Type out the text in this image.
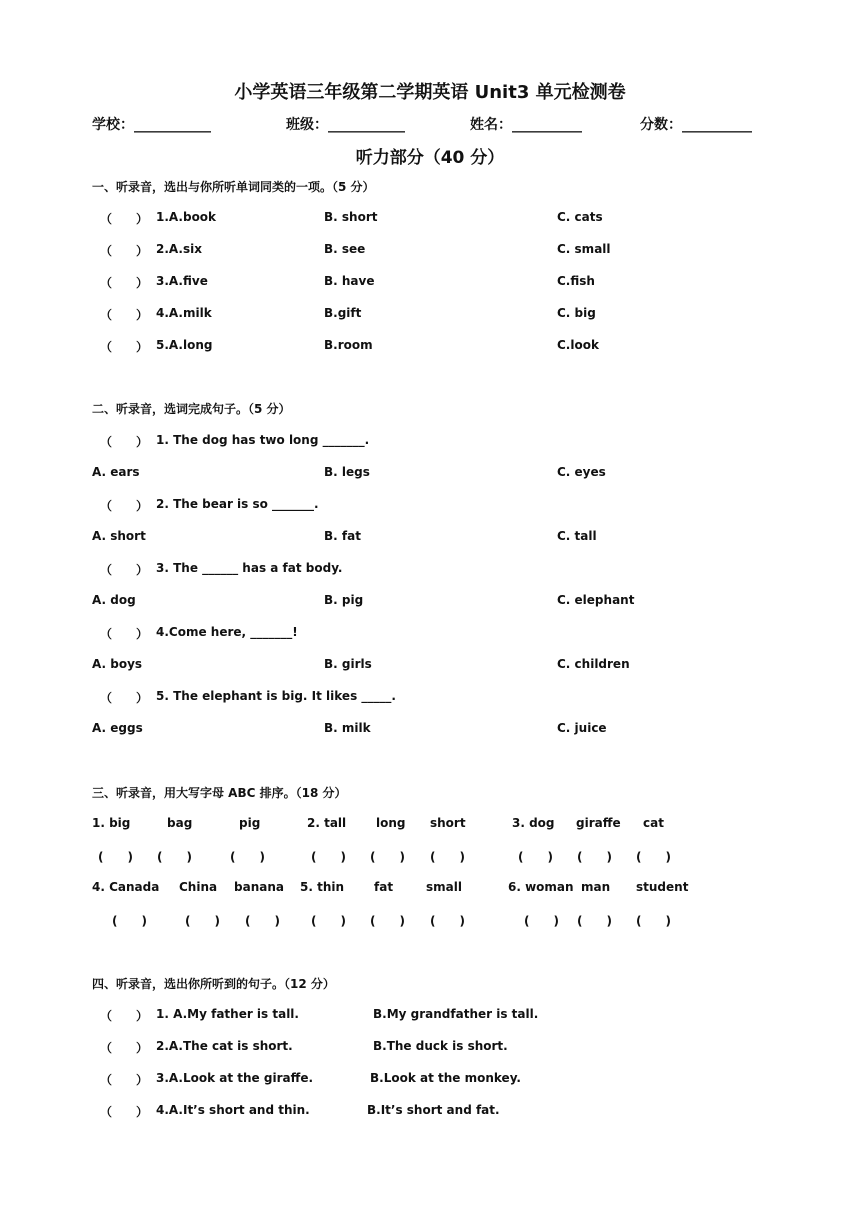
小学英语三年级第二学期英语 Unit3 单元检测卷
学校：___________	班级：___________	姓名：__________	分数：__________
听力部分（40 分）
一、听录音，选出与你所听单词同类的一项。（5 分）
（　　） 1.A.book	B. short	C. cats
（　　） 2.A.six	B. see	C. small
（　　） 3.A.five	B. have	C.fish
（　　） 4.A.milk	B.gift	C. big
（　　） 5.A.long	B.room	C.look
二、听录音，选词完成句子。（5 分）
（　　） 1. The dog has two long _______.
A. ears	B. legs	C. eyes
（　　） 2. The bear is so _______.
A. short	B. fat	C. tall
（　　） 3. The ______ has a fat body.
A. dog	B. pig	C. elephant
（　　） 4.Come here, _______!
A. boys	B. girls	C. children
（　　） 5. The elephant is big. It likes _____.
A. eggs	B. milk	C. juice
三、听录音，用大写字母 ABC 排序。（18 分）
1. big	bag	pig	2. tall long short	3. dog giraffe cat
(　　) (　　)	(　　)	(　　) (　　) (　　)	(　　) (　　) (　　)
4. Canada China banana 5. thin fat	small	6. woman man student
(　　)	(　　) (　　)	(　　) (　　) (　　)	(　　) (　　) (　　)
四、听录音，选出你所听到的句子。（12 分）
（　　） 1. A.My father is tall.	B.My grandfather is tall.
（　　） 2.A.The cat is short.	B.The duck is short.
（　　） 3.A.Look at the giraffe.	B.Look at the monkey.
（　　） 4.A.It’s short and thin.	B.It’s short and fat.
